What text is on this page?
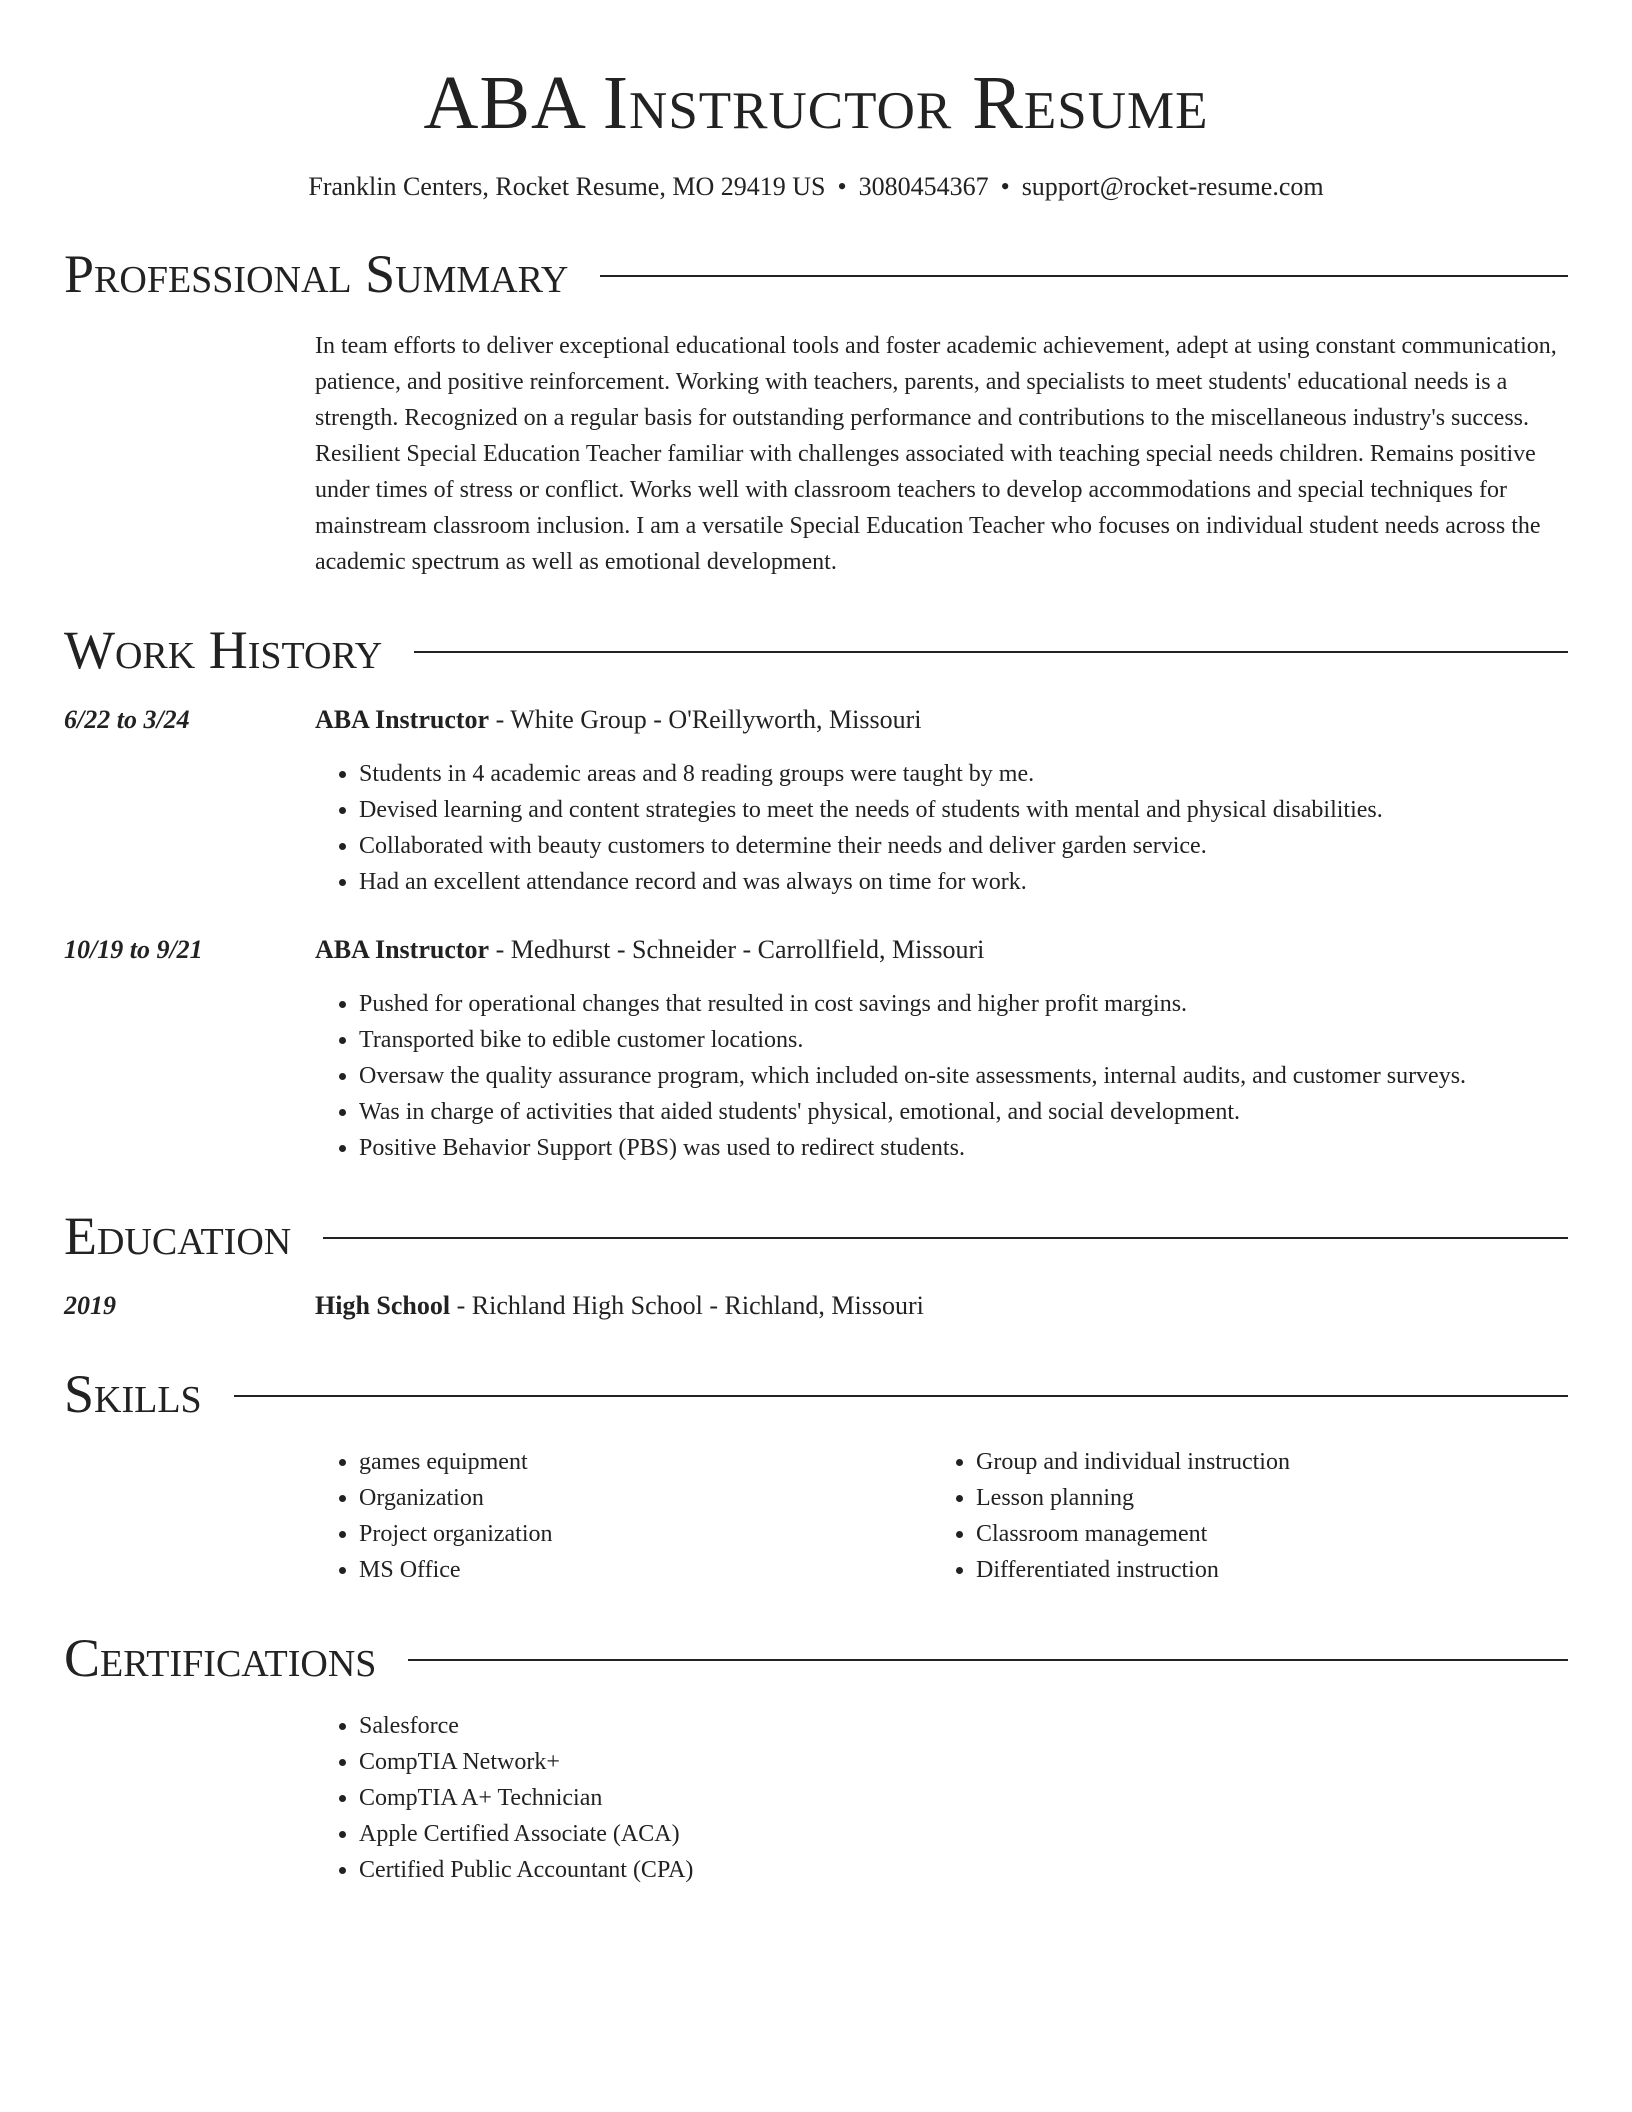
ABA Instructor Resume
Franklin Centers, Rocket Resume, MO 29419 US • 3080454367 • support@rocket-resume.com
Professional Summary
In team efforts to deliver exceptional educational tools and foster academic achievement, adept at using constant communication, patience, and positive reinforcement. Working with teachers, parents, and specialists to meet students' educational needs is a strength. Recognized on a regular basis for outstanding performance and contributions to the miscellaneous industry's success. Resilient Special Education Teacher familiar with challenges associated with teaching special needs children. Remains positive under times of stress or conflict. Works well with classroom teachers to develop accommodations and special techniques for mainstream classroom inclusion. I am a versatile Special Education Teacher who focuses on individual student needs across the academic spectrum as well as emotional development.
Work History
6/22 to 3/24	ABA Instructor - White Group - O'Reillyworth, Missouri
• Students in 4 academic areas and 8 reading groups were taught by me.
• Devised learning and content strategies to meet the needs of students with mental and physical disabilities.
• Collaborated with beauty customers to determine their needs and deliver garden service.
• Had an excellent attendance record and was always on time for work.
10/19 to 9/21	ABA Instructor - Medhurst - Schneider - Carrollfield, Missouri
• Pushed for operational changes that resulted in cost savings and higher profit margins.
• Transported bike to edible customer locations.
• Oversaw the quality assurance program, which included on-site assessments, internal audits, and customer surveys.
• Was in charge of activities that aided students' physical, emotional, and social development.
• Positive Behavior Support (PBS) was used to redirect students.
Education
2019	High School - Richland High School - Richland, Missouri
Skills
• games equipment
• Organization
• Project organization
• MS Office
• Group and individual instruction
• Lesson planning
• Classroom management
• Differentiated instruction
Certifications
• Salesforce
• CompTIA Network+
• CompTIA A+ Technician
• Apple Certified Associate (ACA)
• Certified Public Accountant (CPA)
